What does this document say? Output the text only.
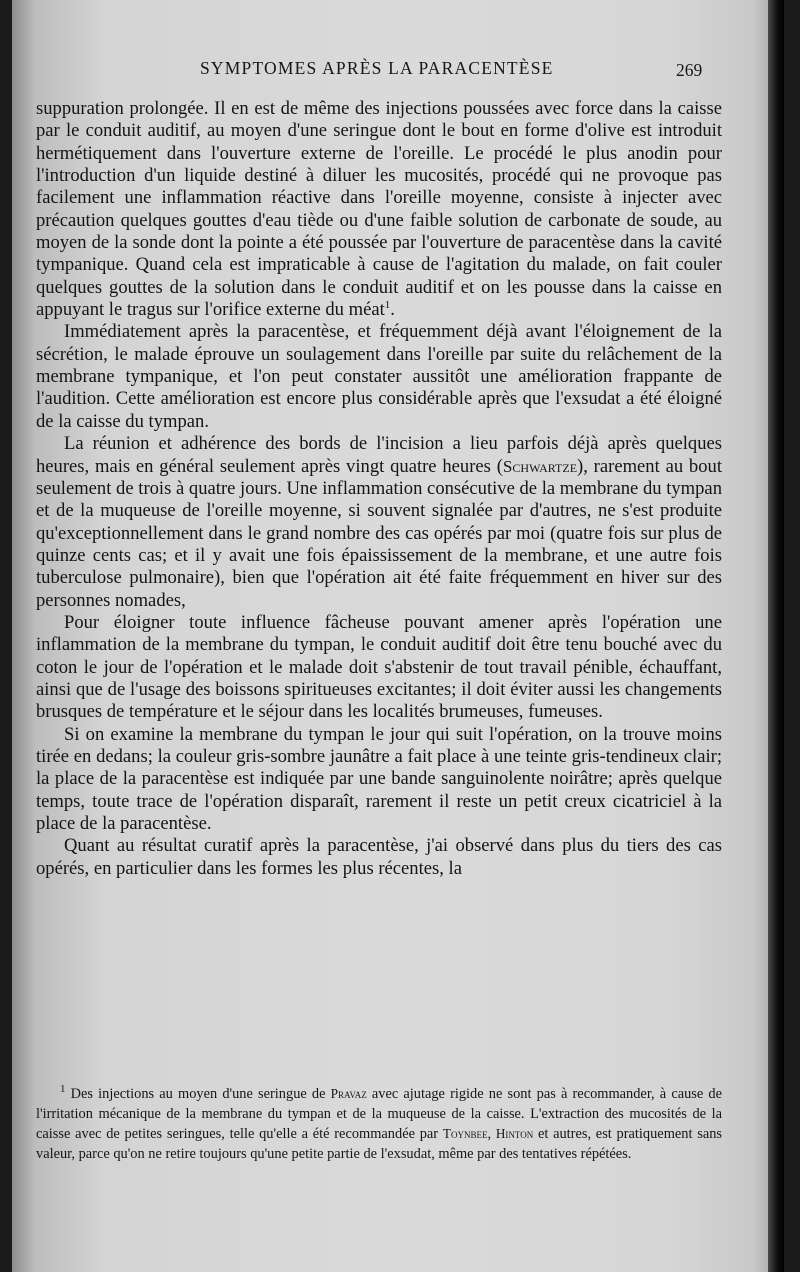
SYMPTOMES APRÈS LA PARACENTÈSE	269

suppuration prolongée. Il en est de même des injections poussées avec force dans la caisse par le conduit auditif, au moyen d'une seringue dont le bout en forme d'olive est introduit hermétiquement dans l'ouverture externe de l'oreille. Le procédé le plus anodin pour l'introduction d'un liquide destiné à diluer les mucosités, procédé qui ne provoque pas facilement une inflammation réactive dans l'oreille moyenne, consiste à injecter avec précaution quelques gouttes d'eau tiède ou d'une faible solution de carbonate de soude, au moyen de la sonde dont la pointe a été poussée par l'ouverture de paracentèse dans la cavité tympanique. Quand cela est impraticable à cause de l'agitation du malade, on fait couler quelques gouttes de la solution dans le conduit auditif et on les pousse dans la caisse en appuyant le tragus sur l'orifice externe du méat$^1$.

Immédiatement après la paracentèse, et fréquemment déjà avant l'éloignement de la sécrétion, le malade éprouve un soulagement dans l'oreille par suite du relâchement de la membrane tympanique, et l'on peut constater aussitôt une amélioration frappante de l'audition. Cette amélioration est encore plus considérable après que l'exsudat a été éloigné de la caisse du tympan.

La réunion et adhérence des bords de l'incision a lieu parfois déjà après quelques heures, mais en général seulement après vingt quatre heures (Schwartze), rarement au bout seulement de trois à quatre jours. Une inflammation consécutive de la membrane du tympan et de la muqueuse de l'oreille moyenne, si souvent signalée par d'autres, ne s'est produite qu'exceptionnellement dans le grand nombre des cas opérés par moi (quatre fois sur plus de quinze cents cas; et il y avait une fois épaississement de la membrane, et une autre fois tuberculose pulmonaire), bien que l'opération ait été faite fréquemment en hiver sur des personnes nomades,

Pour éloigner toute influence fâcheuse pouvant amener après l'opération une inflammation de la membrane du tympan, le conduit auditif doit être tenu bouché avec du coton le jour de l'opération et le malade doit s'abstenir de tout travail pénible, échauffant, ainsi que de l'usage des boissons spiritueuses excitantes; il doit éviter aussi les changements brusques de température et le séjour dans les localités brumeuses, fumeuses.

Si on examine la membrane du tympan le jour qui suit l'opération, on la trouve moins tirée en dedans; la couleur gris-sombre jaunâtre a fait place à une teinte gris-tendineux clair; la place de la paracentèse est indiquée par une bande sanguinolente noirâtre; après quelque temps, toute trace de l'opération disparaît, rarement il reste un petit creux cicatriciel à la place de la paracentèse.

Quant au résultat curatif après la paracentèse, j'ai observé dans plus du tiers des cas opérés, en particulier dans les formes les plus récentes, la

$^1$ Des injections au moyen d'une seringue de Pravaz avec ajutage rigide ne sont pas à recommander, à cause de l'irritation mécanique de la membrane du tympan et de la muqueuse de la caisse. L'extraction des mucosités de la caisse avec de petites seringues, telle qu'elle a été recommandée par Toynbee, Hinton et autres, est pratiquement sans valeur, parce qu'on ne retire toujours qu'une petite partie de l'exsudat, même par des tentatives répétées.
